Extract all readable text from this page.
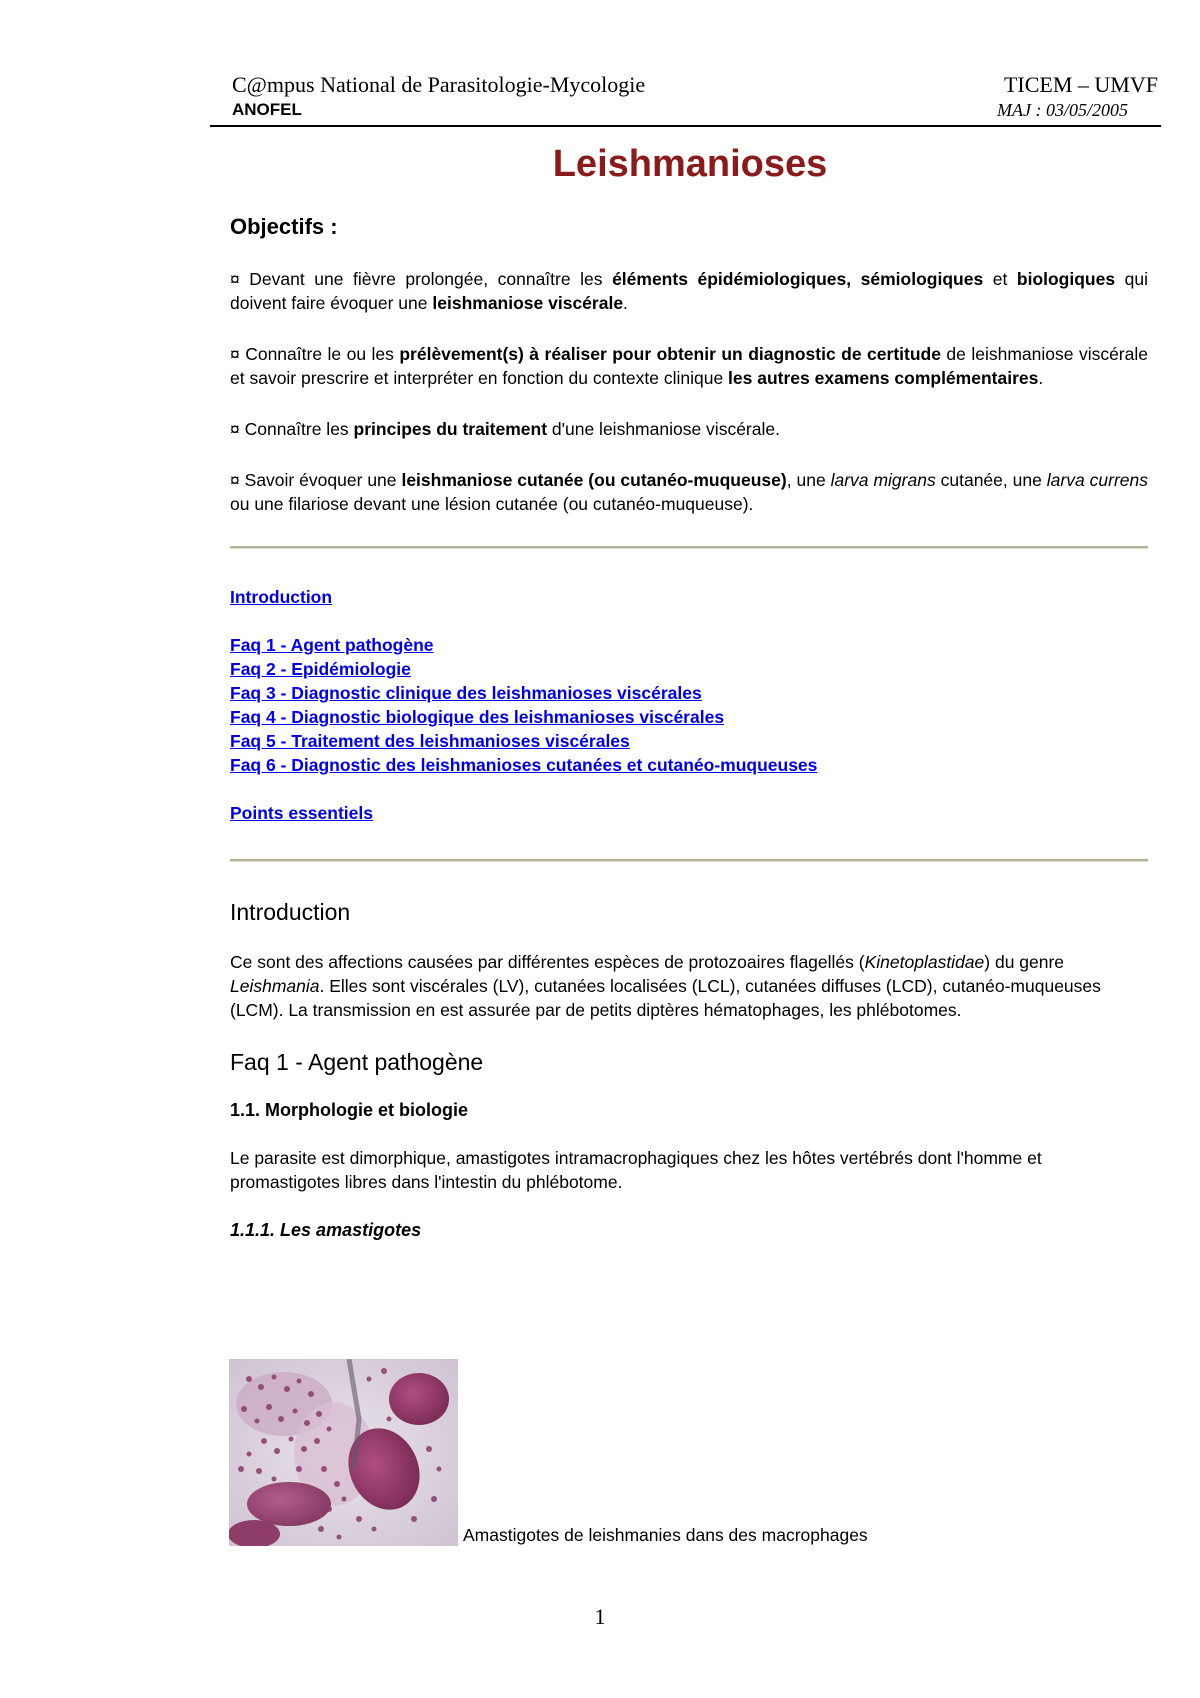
C@mpus National de Parasitologie-Mycologie
ANOFEL
TICEM – UMVF
MAJ : 03/05/2005
Leishmanioses

Objectifs :

¤ Devant une fièvre prolongée, connaître les éléments épidémiologiques, sémiologiques et biologiques qui doivent faire évoquer une leishmaniose viscérale.

¤ Connaître le ou les prélèvement(s) à réaliser pour obtenir un diagnostic de certitude de leishmaniose viscérale et savoir prescrire et interpréter en fonction du contexte clinique les autres examens complémentaires.

¤ Connaître les principes du traitement d'une leishmaniose viscérale.

¤ Savoir évoquer une leishmaniose cutanée (ou cutanéo-muqueuse), une larva migrans cutanée, une larva currens ou une filariose devant une lésion cutanée (ou cutanéo-muqueuse).

Introduction
Faq 1 - Agent pathogène
Faq 2 - Epidémiologie
Faq 3 - Diagnostic clinique des leishmanioses viscérales
Faq 4 - Diagnostic biologique des leishmanioses viscérales
Faq 5 - Traitement des leishmanioses viscérales
Faq 6 - Diagnostic des leishmanioses cutanées et cutanéo-muqueuses
Points essentiels

Introduction

Ce sont des affections causées par différentes espèces de protozoaires flagellés (Kinetoplastidae) du genre Leishmania. Elles sont viscérales (LV), cutanées localisées (LCL), cutanées diffuses (LCD), cutanéo-muqueuses (LCM). La transmission en est assurée par de petits diptères hématophages, les phlébotomes.

Faq 1 - Agent pathogène

1.1. Morphologie et biologie

Le parasite est dimorphique, amastigotes intramacrophagiques chez les hôtes vertébrés dont l'homme et promastigotes libres dans l'intestin du phlébotome.

1.1.1. Les amastigotes

Amastigotes de leishmanies dans des macrophages
1
